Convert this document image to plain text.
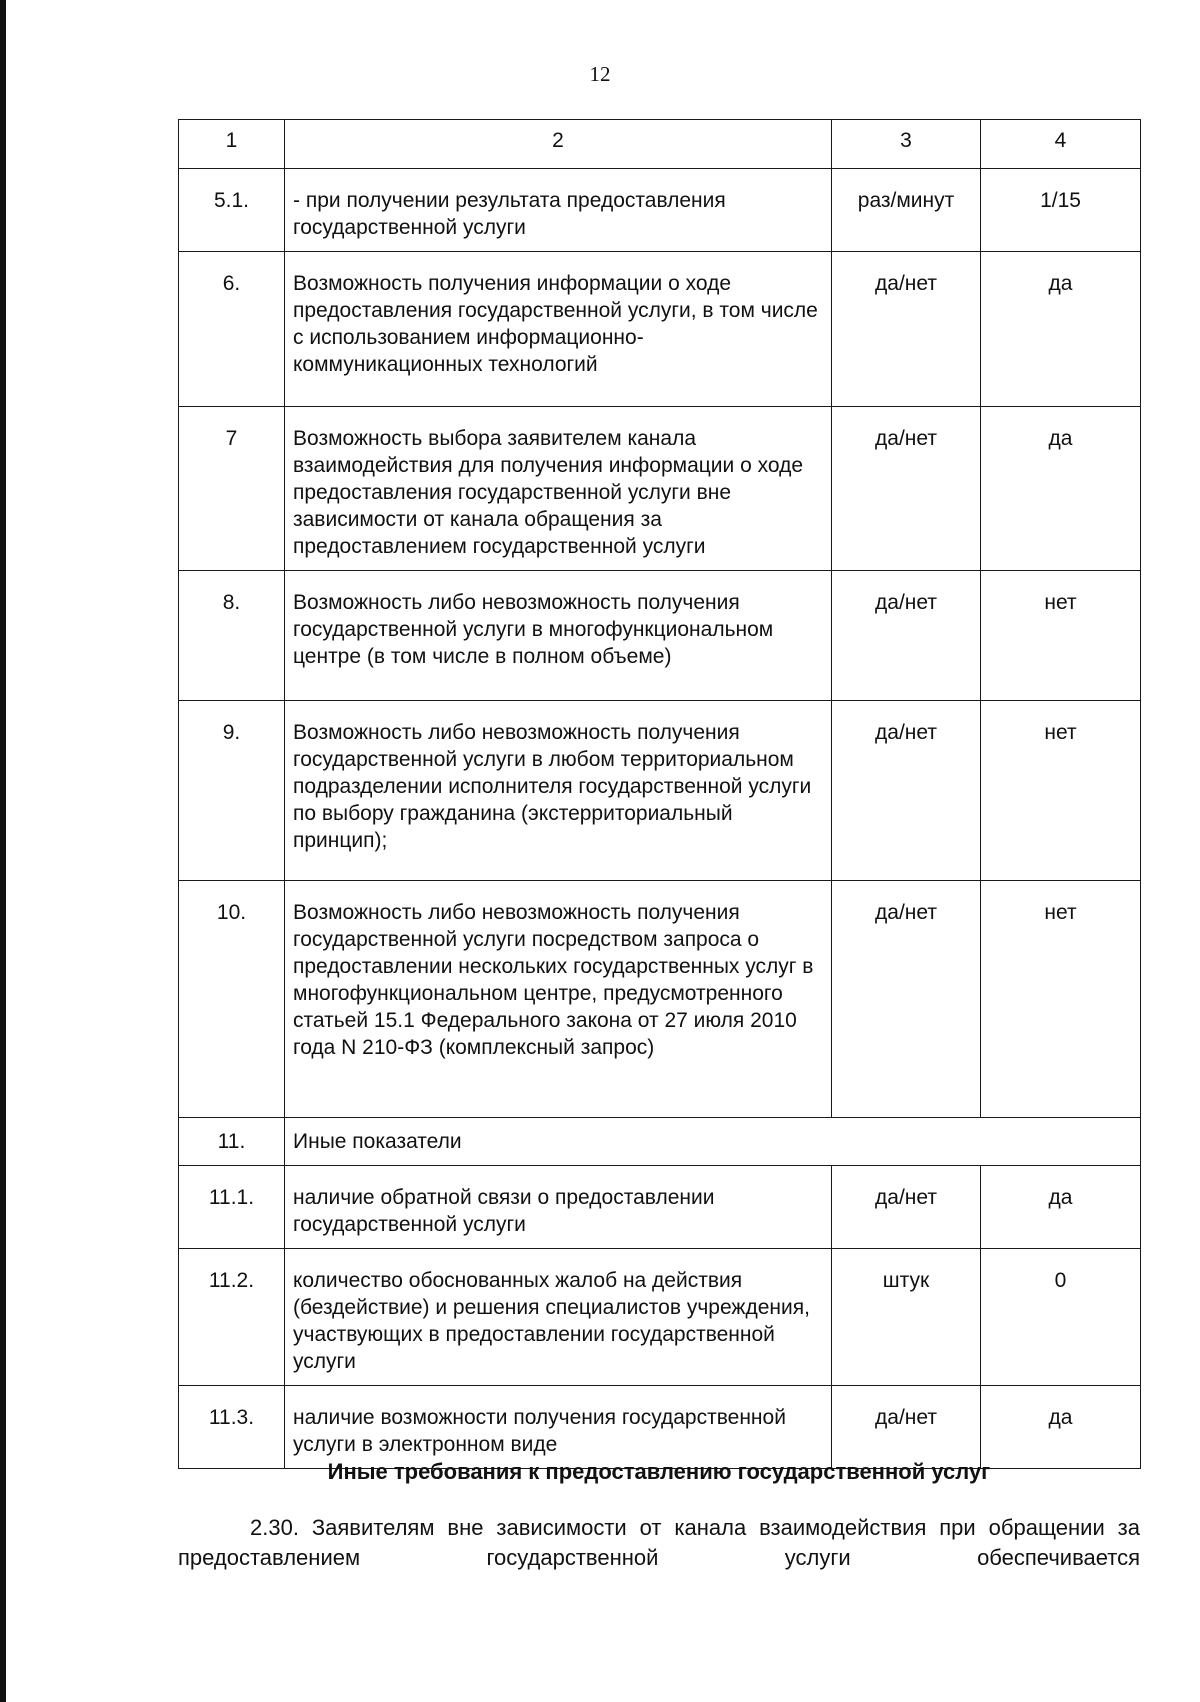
12
1	2	3	4
5.1.	- при получении результата предоставления государственной услуги	раз/минут	1/15
6.	Возможность получения информации о ходе предоставления государственной услуги, в том числе с использованием информационно-коммуникационных технологий	да/нет	да
7	Возможность выбора заявителем канала взаимодействия для получения информации о ходе предоставления государственной услуги вне зависимости от канала обращения за предоставлением государственной услуги	да/нет	да
8.	Возможность либо невозможность получения государственной услуги в многофункциональном центре (в том числе в полном объеме)	да/нет	нет
9.	Возможность либо невозможность получения государственной услуги в любом территориальном подразделении исполнителя государственной услуги по выбору гражданина (экстерриториальный принцип);	да/нет	нет
10.	Возможность либо невозможность получения государственной услуги посредством запроса о предоставлении нескольких государственных услуг в многофункциональном центре, предусмотренного статьей 15.1 Федерального закона от 27 июля 2010 года N 210-ФЗ (комплексный запрос)	да/нет	нет
11.	Иные показатели		
11.1.	наличие обратной связи о предоставлении государственной услуги	да/нет	да
11.2.	количество обоснованных жалоб на действия (бездействие) и решения специалистов учреждения, участвующих в предоставлении государственной услуги	штук	0
11.3.	наличие возможности получения государственной услуги в электронном виде	да/нет	да
Иные требования к предоставлению государственной услуг
2.30. Заявителям вне зависимости от канала взаимодействия при обращении за предоставлением государственной услуги обеспечивается
